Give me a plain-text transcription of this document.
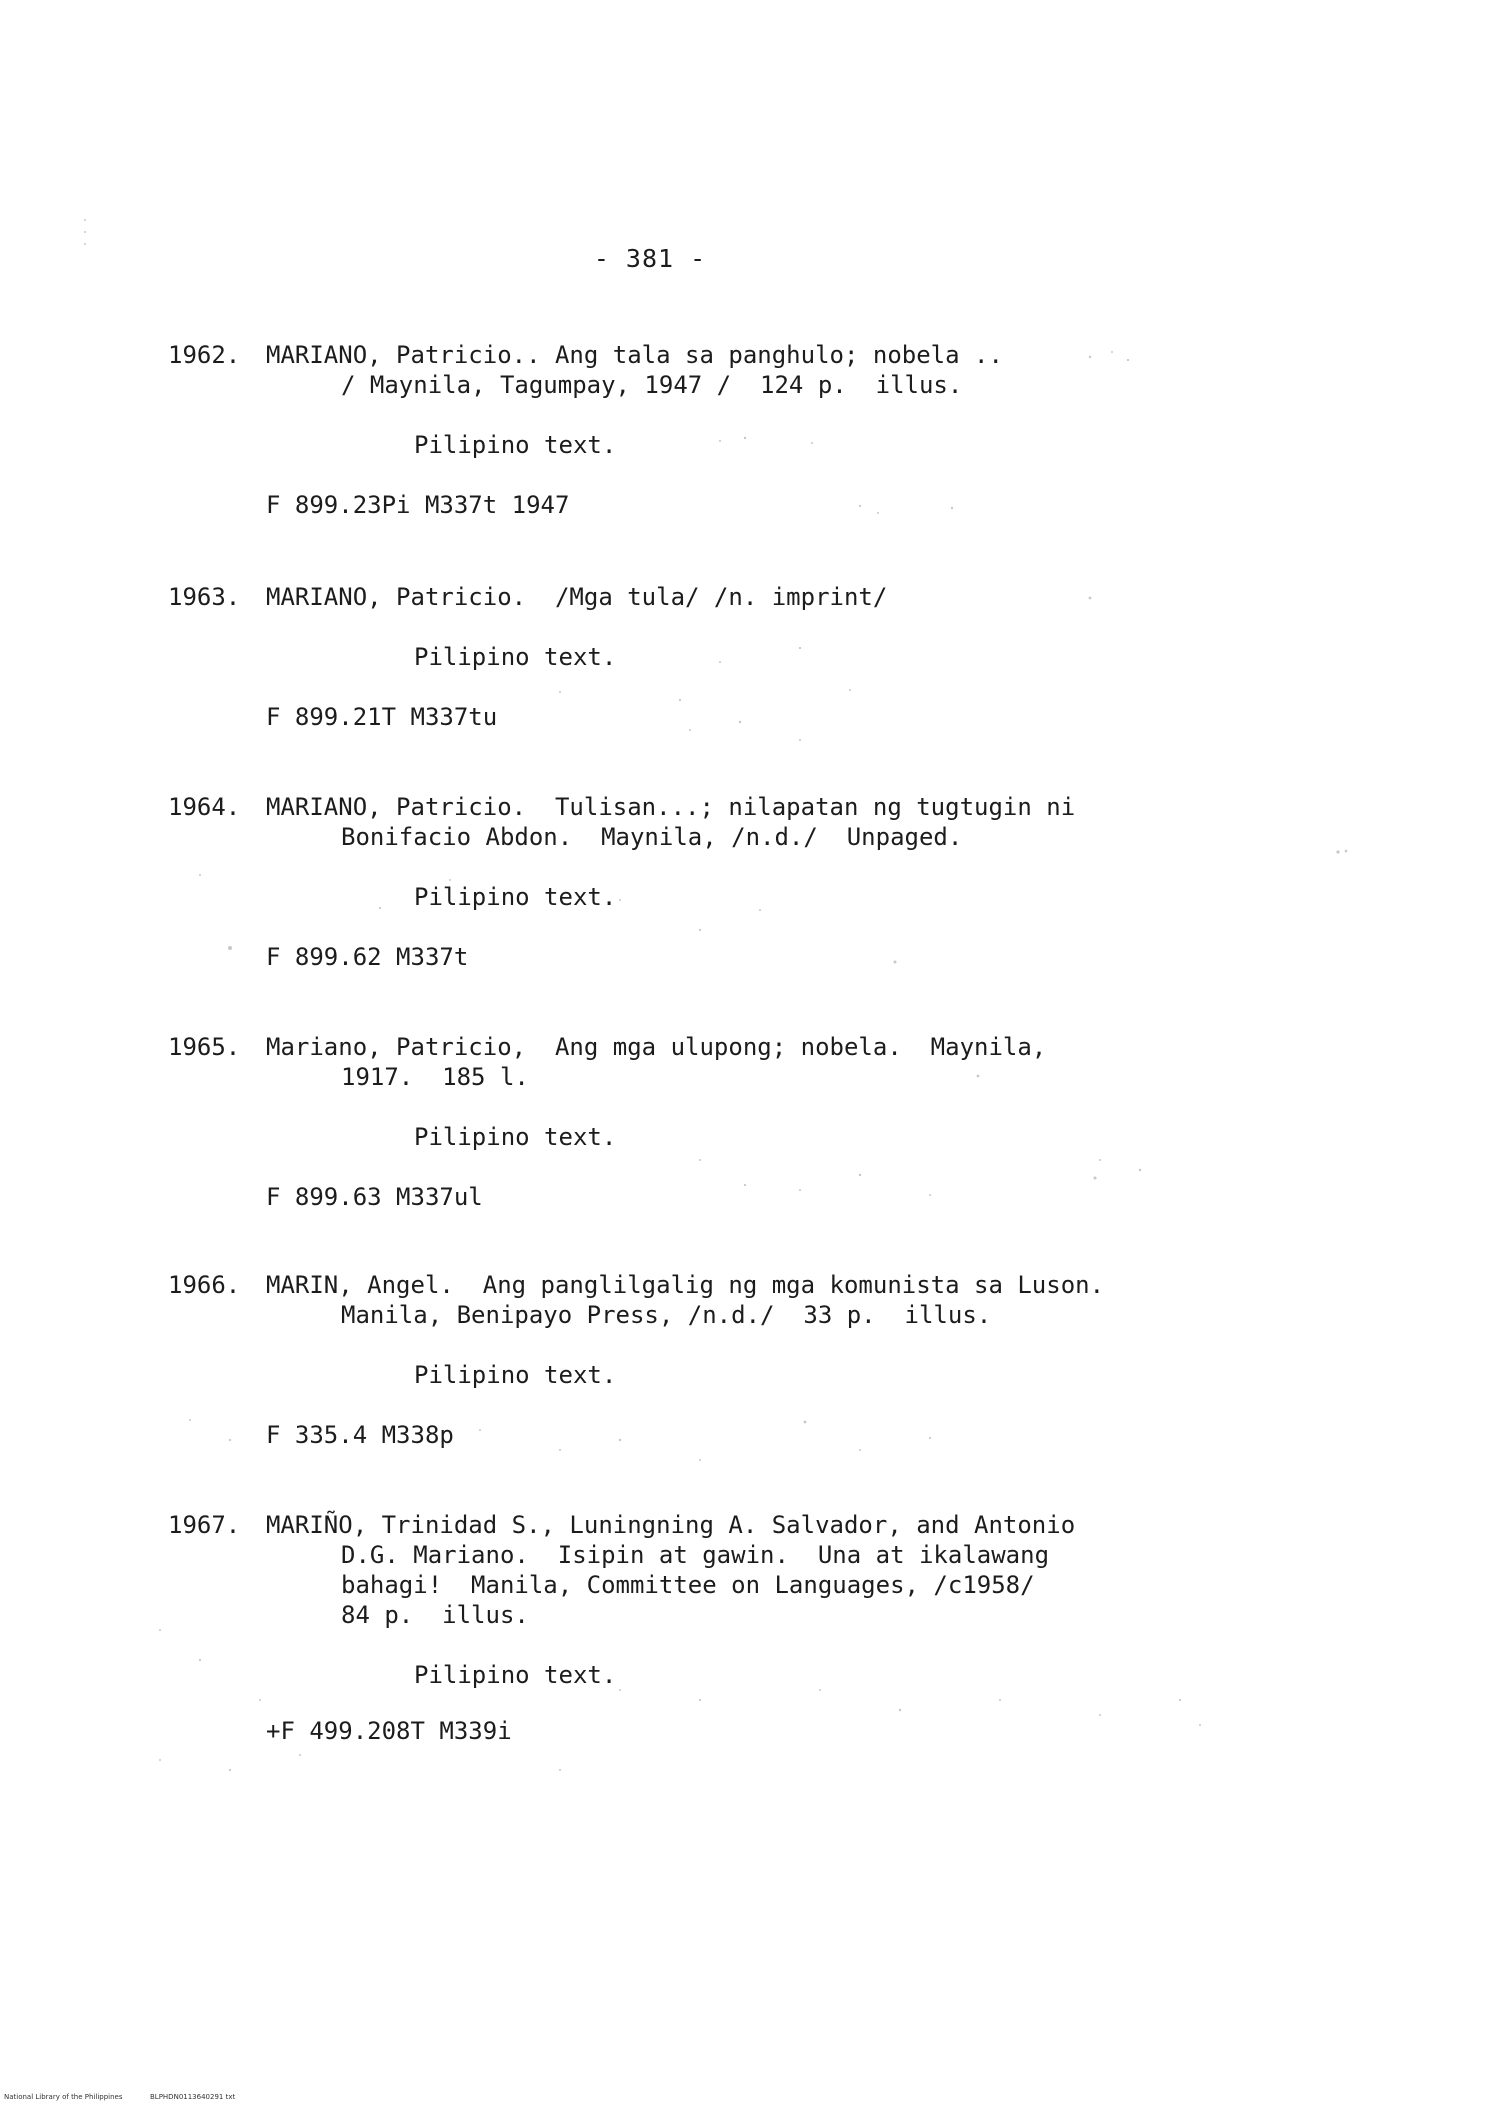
- 381 -
1962.	MARIANO, Patricio.. Ang tala sa panghulo; nobela ..
/ Maynila, Tagumpay, 1947 /  124 p.  illus.
Pilipino text.
F 899.23Pi M337t 1947
1963.	MARIANO, Patricio.  /Mga tula/ /n. imprint/
Pilipino text.
F 899.21T M337tu
1964.	MARIANO, Patricio.  Tulisan...; nilapatan ng tugtugin ni
Bonifacio Abdon.  Maynila, /n.d./  Unpaged.
Pilipino text.
F 899.62 M337t
1965.	Mariano, Patricio,  Ang mga ulupong; nobela.  Maynila,
1917.  185 l.
Pilipino text.
F 899.63 M337ul
1966.	MARIN, Angel.  Ang panglilgalig ng mga komunista sa Luson.
Manila, Benipayo Press, /n.d./  33 p.  illus.
Pilipino text.
F 335.4 M338p
1967.	MARIÑO, Trinidad S., Luningning A. Salvador, and Antonio
D.G. Mariano.  Isipin at gawin.  Una at ikalawang
bahagi!  Manila, Committee on Languages, /c1958/
84 p.  illus.
Pilipino text.
+F 499.208T M339i
National Library of the Philippines	BLPHDN0113640291 txt
